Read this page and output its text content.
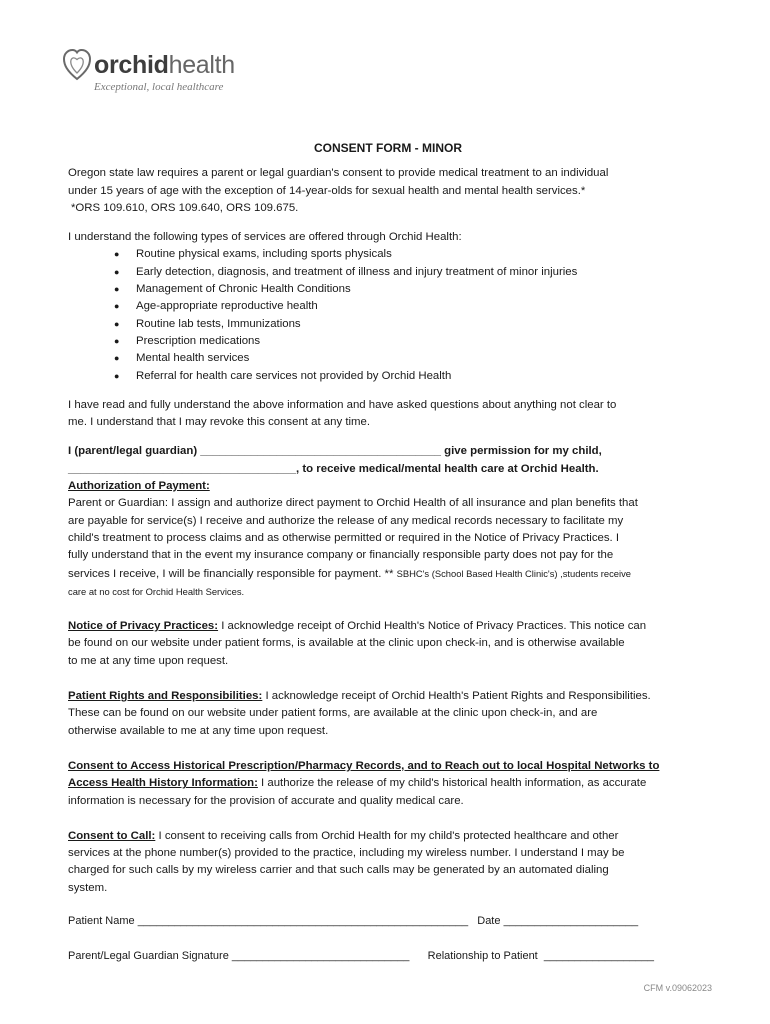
orchidhealth
Exceptional, local healthcare

CONSENT FORM - MINOR

Oregon state law requires a parent or legal guardian's consent to provide medical treatment to an individual

under 15 years of age with the exception of 14-year-olds for sexual health and mental health services.*

*ORS 109.610, ORS 109.640, ORS 109.675.

I understand the following types of services are offered through Orchid Health:

● Routine physical exams, including sports physicals
● Early detection, diagnosis, and treatment of illness and injury treatment of minor injuries
● Management of Chronic Health Conditions
● Age-appropriate reproductive health
● Routine lab tests, Immunizations
● Prescription medications
● Mental health services
● Referral for health care services not provided by Orchid Health

I have read and fully understand the above information and have asked questions about anything not clear to

me. I understand that I may revoke this consent at any time.

I (parent/legal guardian) ______________________________________ give permission for my child,

____________________________________, to receive medical/mental health care at Orchid Health.

Authorization of Payment:

Parent or Guardian: I assign and authorize direct payment to Orchid Health of all insurance and plan benefits that

are payable for service(s) I receive and authorize the release of any medical records necessary to facilitate my

child's treatment to process claims and as otherwise permitted or required in the Notice of Privacy Practices. I

fully understand that in the event my insurance company or financially responsible party does not pay for the

services I receive, I will be financially responsible for payment. ** SBHC's (School Based Health Clinic's) ,students receive

care at no cost for Orchid Health Services.

Notice of Privacy Practices: I acknowledge receipt of Orchid Health's Notice of Privacy Practices. This notice can

be found on our website under patient forms, is available at the clinic upon check-in, and is otherwise available

to me at any time upon request.

Patient Rights and Responsibilities: I acknowledge receipt of Orchid Health's Patient Rights and Responsibilities.

These can be found on our website under patient forms, are available at the clinic upon check-in, and are

otherwise available to me at any time upon request.

Consent to Access Historical Prescription/Pharmacy Records, and to Reach out to local Hospital Networks to

Access Health History Information: I authorize the release of my child's historical health information, as accurate

information is necessary for the provision of accurate and quality medical care.

Consent to Call: I consent to receiving calls from Orchid Health for my child's protected healthcare and other

services at the phone number(s) provided to the practice, including my wireless number. I understand I may be

charged for such calls by my wireless carrier and that such calls may be generated by an automated dialing

system.

Patient Name
______________________________________________________
Date
______________________
Parent/Legal Guardian Signature
_____________________________
Relationship to Patient
__________________
CFM v.09062023
